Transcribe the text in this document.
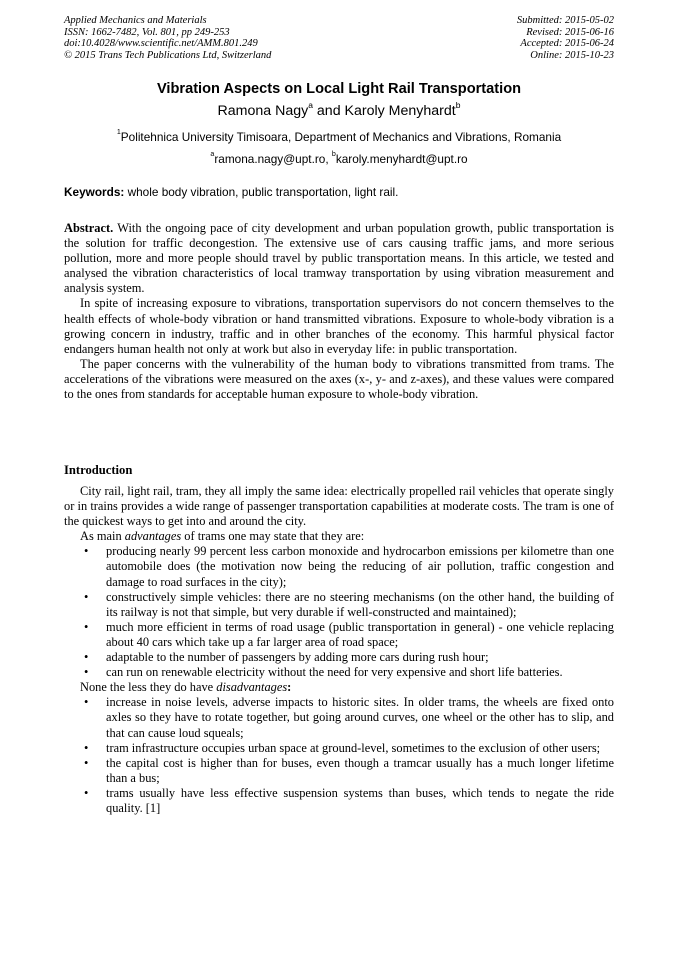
Applied Mechanics and Materials
ISSN: 1662-7482, Vol. 801, pp 249-253
doi:10.4028/www.scientific.net/AMM.801.249
© 2015 Trans Tech Publications Ltd, Switzerland
Submitted: 2015-05-02
Revised: 2015-06-16
Accepted: 2015-06-24
Online: 2015-10-23
Vibration Aspects on Local Light Rail Transportation
Ramona Nagy$^a$ and Karoly Menyhardt$^b$
$^1$Politehnica University Timisoara, Department of Mechanics and Vibrations, Romania
$^a$ramona.nagy@upt.ro, $^b$karoly.menyhardt@upt.ro
Keywords: whole body vibration, public transportation, light rail.

Abstract. With the ongoing pace of city development and urban population growth, public transportation is the solution for traffic decongestion. The extensive use of cars causing traffic jams, and more serious pollution, more and more people should travel by public transportation means. In this article, we tested and analysed the vibration characteristics of local tramway transportation by using vibration measurement and analysis system.

In spite of increasing exposure to vibrations, transportation supervisors do not concern themselves to the health effects of whole-body vibration or hand transmitted vibrations. Exposure to whole-body vibration is a growing concern in industry, traffic and in other branches of the economy. This harmful physical factor endangers human health not only at work but also in everyday life: in public transportation.

The paper concerns with the vulnerability of the human body to vibrations transmitted from trams. The accelerations of the vibrations were measured on the axes (x-, y- and z-axes), and these values were compared to the ones from standards for acceptable human exposure to whole-body vibration.

Introduction

City rail, light rail, tram, they all imply the same idea: electrically propelled rail vehicles that operate singly or in trains provides a wide range of passenger transportation capabilities at moderate costs. The tram is one of the quickest ways to get into and around the city.

As main advantages of trams one may state that they are:

• producing nearly 99 percent less carbon monoxide and hydrocarbon emissions per kilometre than one automobile does (the motivation now being the reducing of air pollution, traffic congestion and damage to road surfaces in the city);
• constructively simple vehicles: there are no steering mechanisms (on the other hand, the building of its railway is not that simple, but very durable if well-constructed and maintained);
• much more efficient in terms of road usage (public transportation in general) - one vehicle replacing about 40 cars which take up a far larger area of road space;
• adaptable to the number of passengers by adding more cars during rush hour;
• can run on renewable electricity without the need for very expensive and short life batteries.

None the less they do have disadvantages:

• increase in noise levels, adverse impacts to historic sites. In older trams, the wheels are fixed onto axles so they have to rotate together, but going around curves, one wheel or the other has to slip, and that can cause loud squeals;
• tram infrastructure occupies urban space at ground-level, sometimes to the exclusion of other users;
• the capital cost is higher than for buses, even though a tramcar usually has a much longer lifetime than a bus;
• trams usually have less effective suspension systems than buses, which tends to negate the ride quality. [1]
